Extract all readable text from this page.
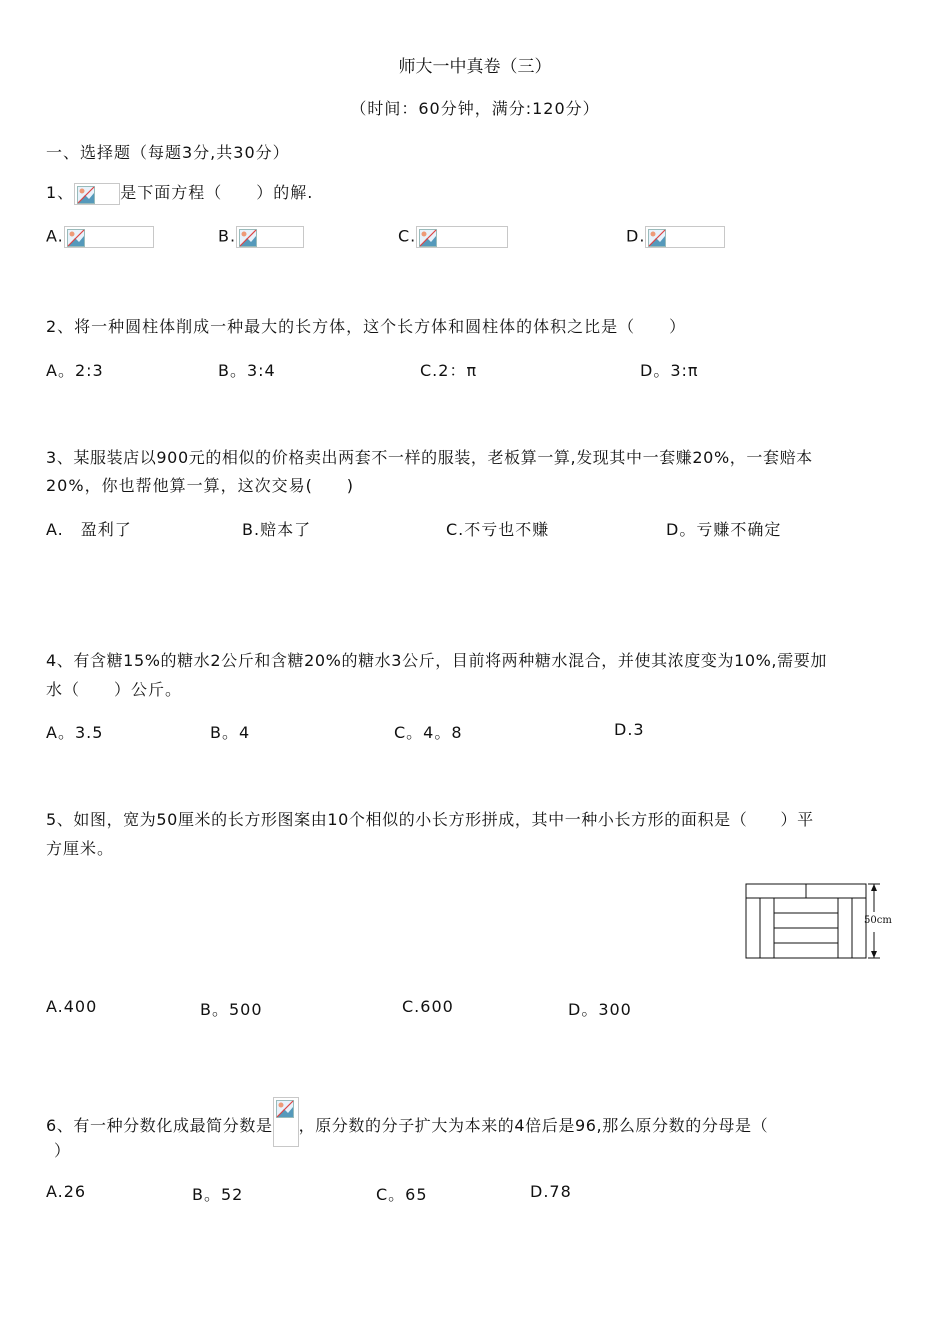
师大一中真卷（三）
（时间：60分钟，满分:120分）
一、选择题（每题3分,共30分）
1、	是下面方程（　　）的解.
A.	B.	C.	D.
2、将一种圆柱体削成一种最大的长方体，这个长方体和圆柱体的体积之比是（　　）
A。2:3	B。3:4	C.2：π	D。3:π
3、某服装店以900元的相似的价格卖出两套不一样的服装，老板算一算,发现其中一套赚20%，一套赔本
20%，你也帮他算一算，这次交易(　　)
A.　盈利了	B.赔本了	C.不亏也不赚	D。亏赚不确定
4、有含糖15%的糖水2公斤和含糖20%的糖水3公斤，目前将两种糖水混合，并使其浓度变为10%,需要加
水（　　）公斤。
A。3.5	B。4	C。4。8	D.3
5、如图，宽为50厘米的长方形图案由10个相似的小长方形拼成，其中一种小长方形的面积是（　　）平
方厘米。
50cm
A.400	B。500	C.600	D。300
6、有一种分数化成最简分数是 ，原分数的分子扩大为本来的4倍后是96,那么原分数的分母是（
）
A.26	B。52	C。65	D.78
